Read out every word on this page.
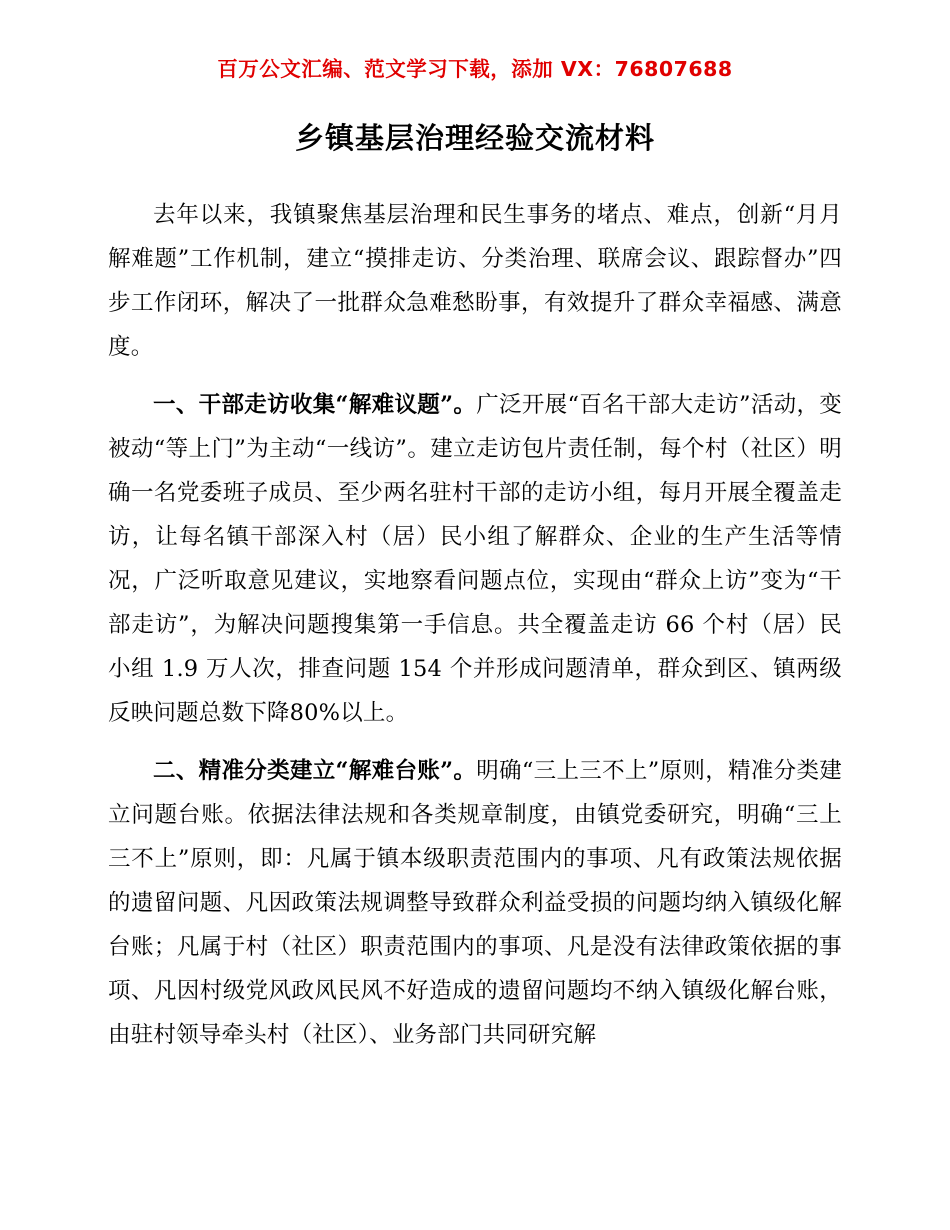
百万公文汇编、范文学习下载，添加 VX：76807688
乡镇基层治理经验交流材料

去年以来，我镇聚焦基层治理和民生事务的堵点、难点，创新“月月解难题”工作机制，建立“摸排走访、分类治理、联席会议、跟踪督办”四步工作闭环，解决了一批群众急难愁盼事，有效提升了群众幸福感、满意度。

一、干部走访收集“解难议题”。广泛开展“百名干部大走访”活动，变被动“等上门”为主动“一线访”。建立走访包片责任制，每个村（社区）明确一名党委班子成员、至少两名驻村干部的走访小组，每月开展全覆盖走访，让每名镇干部深入村（居）民小组了解群众、企业的生产生活等情况，广泛听取意见建议，实地察看问题点位，实现由“群众上访”变为“干部走访”，为解决问题搜集第一手信息。共全覆盖走访 66 个村（居）民小组 1.9 万人次，排查问题 154 个并形成问题清单，群众到区、镇两级反映问题总数下降80%以上。

二、精准分类建立“解难台账”。明确“三上三不上”原则，精准分类建立问题台账。依据法律法规和各类规章制度，由镇党委研究，明确“三上三不上”原则，即：凡属于镇本级职责范围内的事项、凡有政策法规依据的遗留问题、凡因政策法规调整导致群众利益受损的问题均纳入镇级化解台账；凡属于村（社区）职责范围内的事项、凡是没有法律政策依据的事项、凡因村级党风政风民风不好造成的遗留问题均不纳入镇级化解台账，由驻村领导牵头村（社区）、业务部门共同研究解
